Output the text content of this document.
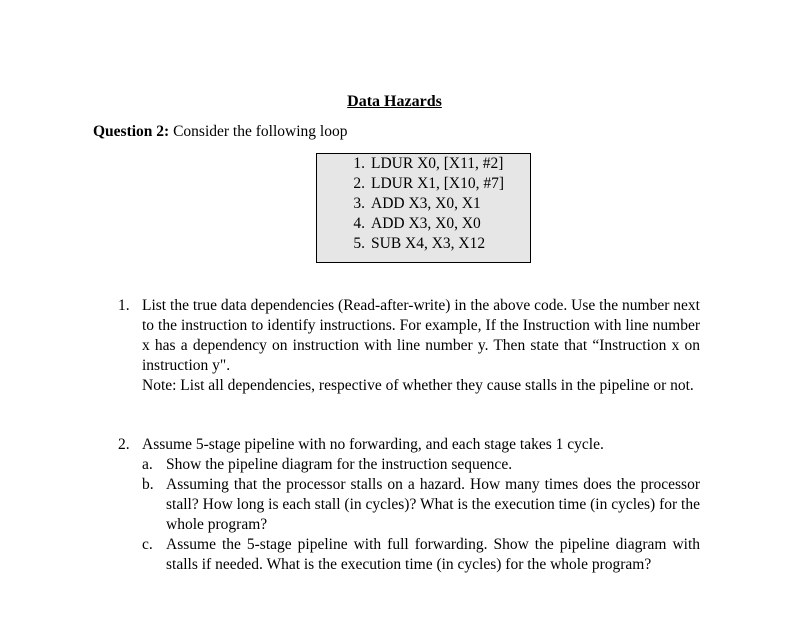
Data Hazards
Question 2: Consider the following loop
1. LDUR X0, [X11, #2]
2. LDUR X1, [X10, #7]
3. ADD X3, X0, X1
4. ADD X3, X0, X0
5. SUB X4, X3, X12
1. List the true data dependencies (Read-after-write) in the above code. Use the number next to the instruction to identify instructions. For example, If the Instruction with line number x has a dependency on instruction with line number y. Then state that “Instruction x on instruction y".
Note: List all dependencies, respective of whether they cause stalls in the pipeline or not.
2. Assume 5-stage pipeline with no forwarding, and each stage takes 1 cycle.
a. Show the pipeline diagram for the instruction sequence.
b. Assuming that the processor stalls on a hazard. How many times does the processor stall? How long is each stall (in cycles)? What is the execution time (in cycles) for the whole program?
c. Assume the 5-stage pipeline with full forwarding. Show the pipeline diagram with stalls if needed. What is the execution time (in cycles) for the whole program?
